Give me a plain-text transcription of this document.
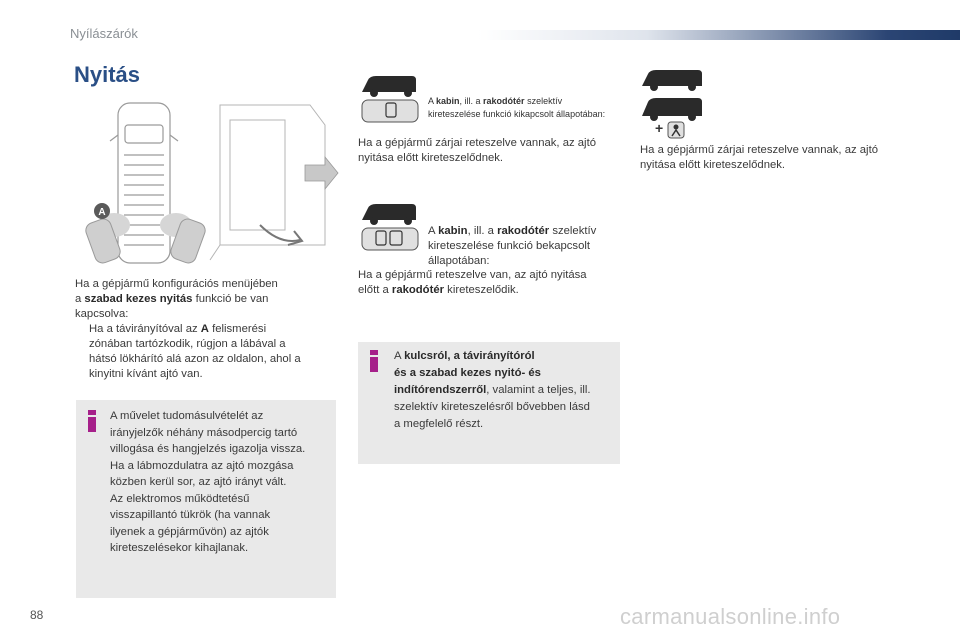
Nyílászárók
Nyitás
A
Ha a gépjármű konfigurációs menüjében
a szabad kezes nyitás funkció be van
kapcsolva:
Ha a távirányítóval az A felismerési
zónában tartózkodik, rúgjon a lábával a
hátsó lökhárító alá azon az oldalon, ahol a
kinyitni kívánt ajtó van.
A művelet tudomásulvételét az
irányjelzők néhány másodpercig tartó
villogása és hangjelzés igazolja vissza.
Ha a lábmozdulatra az ajtó mozgása
közben kerül sor, az ajtó irányt vált.
Az elektromos működtetésű
visszapillantó tükrök (ha vannak
ilyenek a gépjárművön) az ajtók
kireteszelésekor kihajlanak.
A kabin, ill. a rakodótér szelektív
kireteszelése funkció kikapcsolt állapotában:
Ha a gépjármű zárjai reteszelve vannak, az ajtó
nyitása előtt kireteszelődnek.
A kabin, ill. a rakodótér szelektív
kireteszelése funkció bekapcsolt
állapotában:
Ha a gépjármű reteszelve van, az ajtó nyitása
előtt a rakodótér kireteszelődik.
A kulcsról, a távirányítóról
és a szabad kezes nyitó- és
indítórendszerről, valamint a teljes, ill.
szelektív kireteszelésről bővebben lásd
a megfelelő részt.
+
Ha a gépjármű zárjai reteszelve vannak, az ajtó
nyitása előtt kireteszelődnek.
88	carmanualsonline.info
